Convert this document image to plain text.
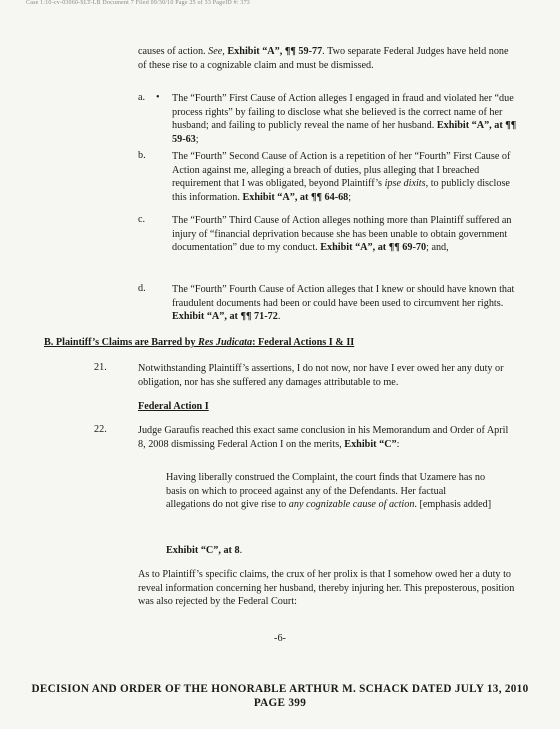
Case 1:10-cv-03060-SLT-LB Document 7 Filed 09/30/10 Page 25 of 33 PageID #: 373
causes of action. See, Exhibit “A”, ¶¶ 59-77. Two separate Federal Judges have held none of these rise to a cognizable claim and must be dismissed.
a. • The “Fourth” First Cause of Action alleges I engaged in fraud and violated her “due process rights” by failing to disclose what she believed is the correct name of her husband; and failing to publicly reveal the name of her husband. Exhibit “A”, at ¶¶ 59-63;
b.	The “Fourth” Second Cause of Action is a repetition of her “Fourth” First Cause of Action against me, alleging a breach of duties, plus alleging that I breached requirement that I was obligated, beyond Plaintiff’s ipse dixits, to publicly disclose this information. Exhibit “A”, at ¶¶ 64-68;
c.	The “Fourth” Third Cause of Action alleges nothing more than Plaintiff suffered an injury of “financial deprivation because she has been unable to obtain government documentation” due to my conduct. Exhibit “A”, at ¶¶ 69-70; and,
d.	The “Fourth” Fourth Cause of Action alleges that I knew or should have known that fraudulent documents had been or could have been used to circumvent her rights. Exhibit “A”, at ¶¶ 71-72.
B. Plaintiff’s Claims are Barred by Res Judicata: Federal Actions I & II
21.	Notwithstanding Plaintiff’s assertions, I do not now, nor have I ever owed her any duty or obligation, nor has she suffered any damages attributable to me.
Federal Action I
22.	Judge Garaufis reached this exact same conclusion in his Memorandum and Order of April 8, 2008 dismissing Federal Action I on the merits, Exhibit “C”:
Having liberally construed the Complaint, the court finds that Uzamere has no basis on which to proceed against any of the Defendants. Her factual allegations do not give rise to any cognizable cause of action. [emphasis added]
Exhibit “C”, at 8.
As to Plaintiff’s specific claims, the crux of her prolix is that I somehow owed her a duty to reveal information concerning her husband, thereby injuring her. This preposterous, position was also rejected by the Federal Court:
-6-
DECISION AND ORDER OF THE HONORABLE ARTHUR M. SCHACK DATED JULY 13, 2010
PAGE 399
